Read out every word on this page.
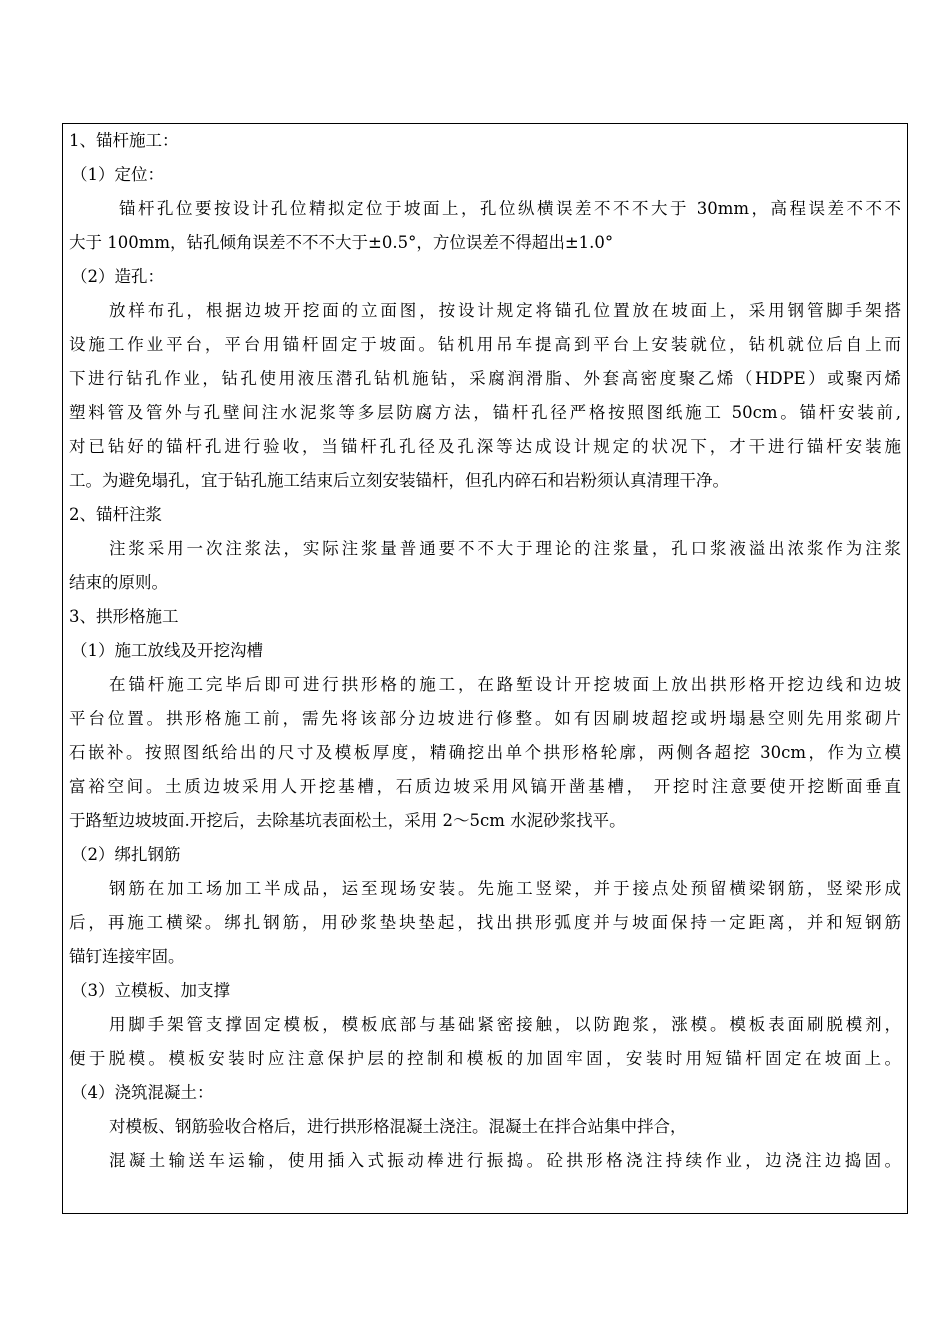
1、锚杆施工：
（1）定位：
锚杆孔位要按设计孔位精拟定位于坡面上，孔位纵横误差不不不大于 30mm，高程误差不不不
大于 100mm，钻孔倾角误差不不不大于±0.5°，方位误差不得超出±1.0°
（2）造孔：
放样布孔，根据边坡开挖面的立面图，按设计规定将锚孔位置放在坡面上，采用钢管脚手架搭
设施工作业平台，平台用锚杆固定于坡面。钻机用吊车提高到平台上安装就位，钻机就位后自上而
下进行钻孔作业，钻孔使用液压潜孔钻机施钻，采腐润滑脂、外套高密度聚乙烯（HDPE）或聚丙烯
塑料管及管外与孔壁间注水泥浆等多层防腐方法，锚杆孔径严格按照图纸施工 50cm。锚杆安装前,
对已钻好的锚杆孔进行验收，当锚杆孔孔径及孔深等达成设计规定的状况下，才干进行锚杆安装施
工。为避免塌孔，宜于钻孔施工结束后立刻安装锚杆，但孔内碎石和岩粉须认真清理干净。
2、锚杆注浆
注浆采用一次注浆法，实际注浆量普通要不不大于理论的注浆量，孔口浆液溢出浓浆作为注浆
结束的原则。
3、拱形格施工
（1）施工放线及开挖沟槽
在锚杆施工完毕后即可进行拱形格的施工，在路堑设计开挖坡面上放出拱形格开挖边线和边坡
平台位置。拱形格施工前，需先将该部分边坡进行修整。如有因刷坡超挖或坍塌悬空则先用浆砌片
石嵌补。按照图纸给出的尺寸及模板厚度，精确挖出单个拱形格轮廓，两侧各超挖 30cm，作为立模
富裕空间。土质边坡采用人开挖基槽，石质边坡采用风镐开凿基槽， 开挖时注意要使开挖断面垂直
于路堑边坡坡面.开挖后，去除基坑表面松土，采用 2～5cm 水泥砂浆找平。
（2）绑扎钢筋
钢筋在加工场加工半成品，运至现场安装。先施工竖梁，并于接点处预留横梁钢筋，竖梁形成
后，再施工横梁。绑扎钢筋，用砂浆垫块垫起，找出拱形弧度并与坡面保持一定距离，并和短钢筋
锚钉连接牢固。
（3）立模板、加支撑
用脚手架管支撑固定模板，模板底部与基础紧密接触，以防跑浆，涨模。模板表面刷脱模剂，
便于脱模。模板安装时应注意保护层的控制和模板的加固牢固，安装时用短锚杆固定在坡面上。
（4）浇筑混凝土：
对模板、钢筋验收合格后，进行拱形格混凝土浇注。混凝土在拌合站集中拌合，
混凝土输送车运输，使用插入式振动棒进行振捣。砼拱形格浇注持续作业，边浇注边捣固。
